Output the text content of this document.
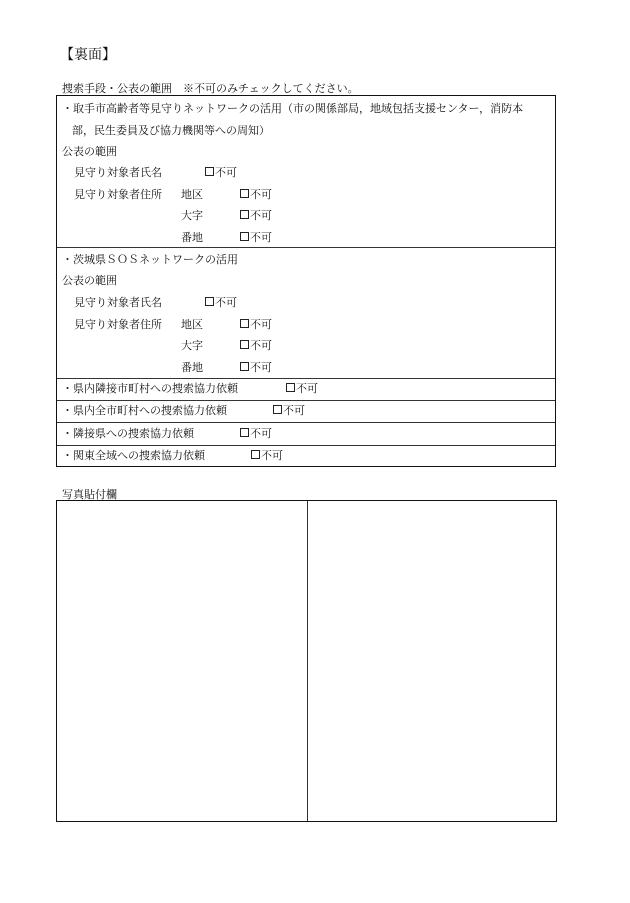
【裏面】
捜索手段・公表の範囲　※不可のみチェックしてください。
・取手市高齢者等見守りネットワークの活用（市の関係部局，地域包括支援センター，消防本
部，民生委員及び協力機関等への周知）
公表の範囲
見守り対象者氏名	不可
見守り対象者住所 地区	不可
大字	不可
番地	不可
・茨城県ＳＯＳネットワークの活用
公表の範囲
見守り対象者氏名	不可
見守り対象者住所 地区	不可
大字	不可
番地	不可
・県内隣接市町村への捜索協力依頼	不可
・県内全市町村への捜索協力依頼	不可
・隣接県への捜索協力依頼	不可
・関東全域への捜索協力依頼	不可
写真貼付欄
